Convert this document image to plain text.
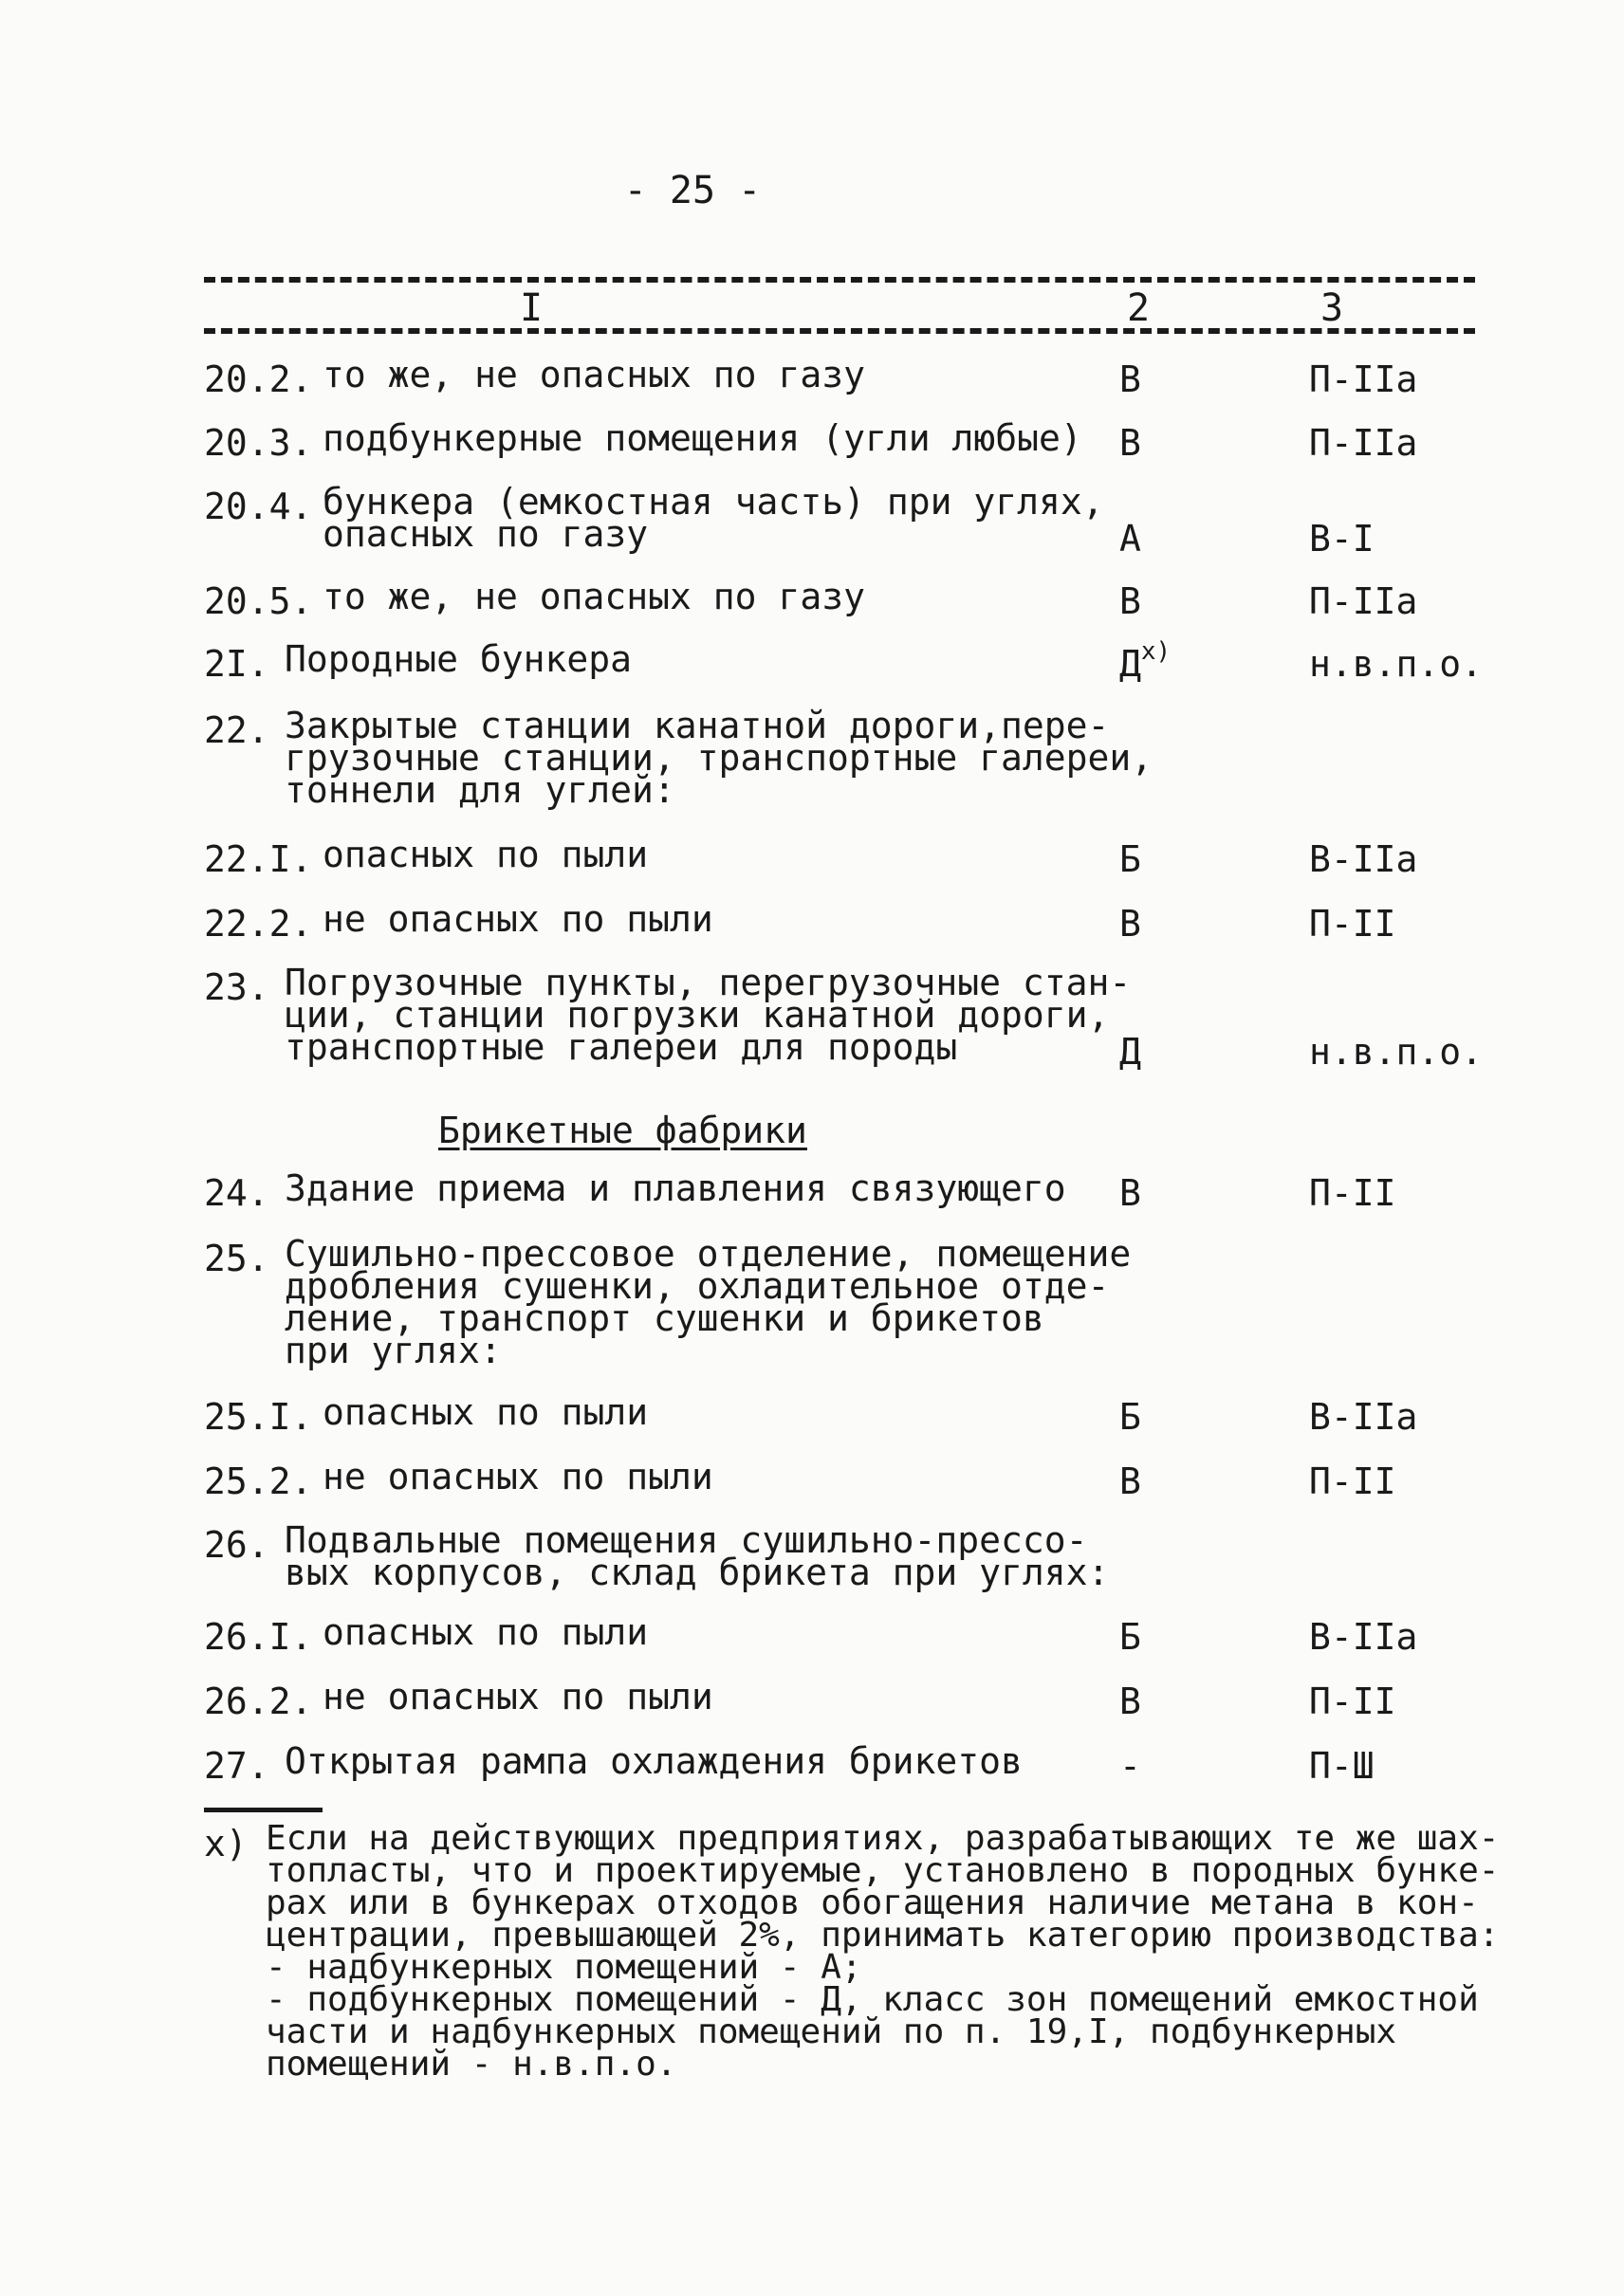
- 25 -
I	2	3
20.2. то же, не опасных по газу	В	П-IIа
20.3. подбункерные помещения (угли любые) В	П-IIа
20.4. бункера (емкостная часть) при углях,
опасных по газу	А	В-I
20.5. то же, не опасных по газу	В	П-IIа
2I. Породные бункера	$Д^{x)}$	н.в.п.о.
22. Закрытые станции канатной дороги,пере-
грузочные станции, транспортные галереи,
тоннели для углей:
22.I. опасных по пыли	Б	В-IIа
22.2. не опасных по пыли	В	П-II
23. Погрузочные пункты, перегрузочные стан-
ции, станции погрузки канатной дороги,
транспортные галереи для породы	Д	н.в.п.о.
24. Здание приема и плавления связующего В	П-II
25. Сушильно-прессовое отделение, помещение
дробления сушенки, охладительное отде-
ление, транспорт сушенки и брикетов
при углях:
25.I. опасных по пыли	Б	В-IIа
25.2. не опасных по пыли	В	П-II
26. Подвальные помещения сушильно-прессо-
вых корпусов, склад брикета при углях:
26.I. опасных по пыли	Б	В-IIа
26.2. не опасных по пыли	В	П-II
27. Открытая рампа охлаждения брикетов	-	П-Ш
Брикетные фабрики
х) Если на действующих предприятиях, разрабатывающих те же шах-
топласты, что и проектируемые, установлено в породных бунке-
рах или в бункерах отходов обогащения наличие метана в кон-
центрации, превышающей 2%, принимать категорию производства:
- надбункерных помещений - А;
- подбункерных помещений - Д, класс зон помещений емкостной
части и надбункерных помещений по п. 19,I, подбункерных
помещений - н.в.п.о.
